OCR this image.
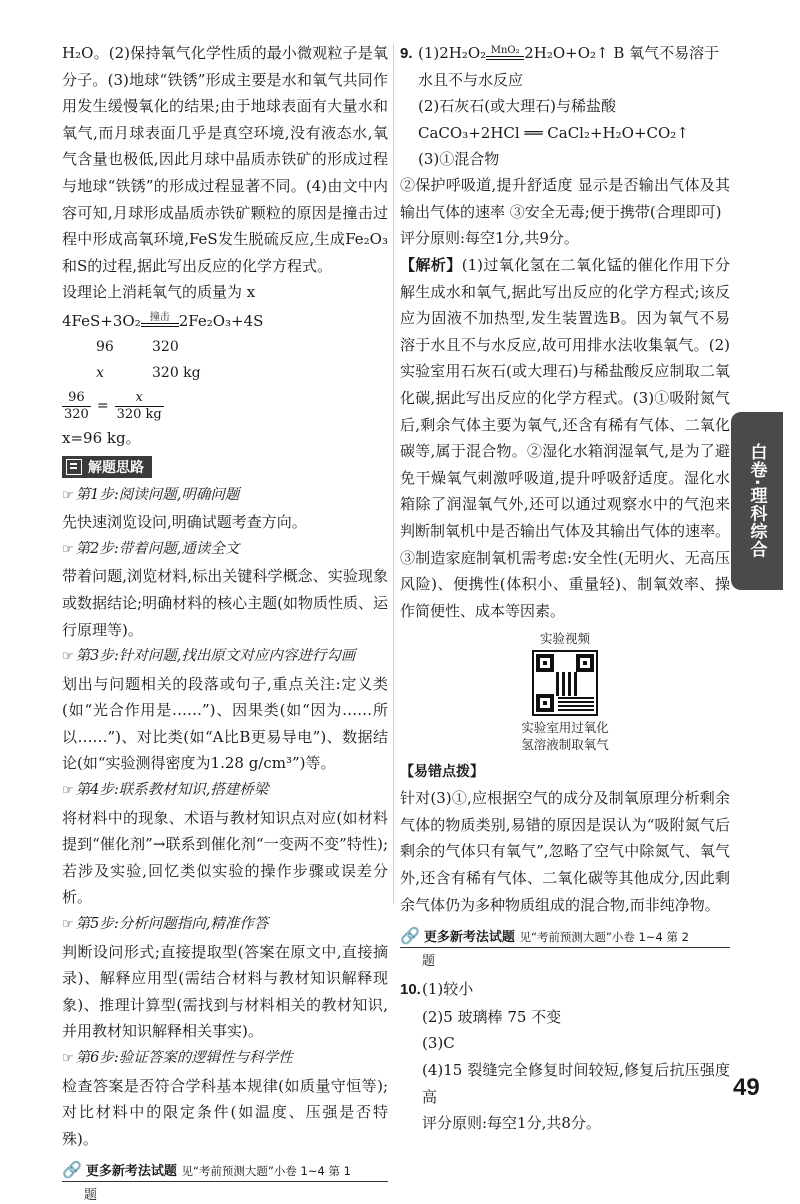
H₂O。(2)保持氧气化学性质的最小微观粒子是氧分子。(3)地球“铁锈”形成主要是水和氧气共同作用发生缓慢氧化的结果;由于地球表面有大量水和氧气,而月球表面几乎是真空环境,没有液态水,氧气含量也极低,因此月球中晶质赤铁矿的形成过程与地球“铁锈”的形成过程显著不同。(4)由文中内容可知,月球形成晶质赤铁矿颗粒的原因是撞击过程中形成高氧环境,FeS发生脱硫反应,生成Fe₂O₃和S的过程,据此写出反应的化学方程式。
设理论上消耗氧气的质量为 x
4FeS+3O₂ 撞击 2Fe₂O₃+4S
96	320
x	320 kg
$\frac{96}{320} = \frac{x}{320 kg}$
x=96 kg。
解题思路
☞ 第1步:阅读问题,明确问题
先快速浏览设问,明确试题考查方向。
☞ 第2步:带着问题,通读全文
带着问题,浏览材料,标出关键科学概念、实验现象或数据结论;明确材料的核心主题(如物质性质、运行原理等)。
☞ 第3步:针对问题,找出原文对应内容进行勾画
划出与问题相关的段落或句子,重点关注:定义类(如“光合作用是……”)、因果类(如“因为……所以……”)、对比类(如“A比B更易导电”)、数据结论(如“实验测得密度为1.28 g/cm³”)等。
☞ 第4步:联系教材知识,搭建桥梁
将材料中的现象、术语与教材知识点对应(如材料提到“催化剂”→联系到催化剂“一变两不变”特性);若涉及实验,回忆类似实验的操作步骤或误差分析。
☞ 第5步:分析问题指向,精准作答
判断设问形式;直接提取型(答案在原文中,直接摘录)、解释应用型(需结合材料与教材知识解释现象)、推理计算型(需找到与材料相关的教材知识,并用教材知识解释相关事实)。
☞ 第6步:验证答案的逻辑性与科学性
检查答案是否符合学科基本规律(如质量守恒等);对比材料中的限定条件(如温度、压强是否特殊)。
🔗 更多新考法试题 见“考前预测大题”小卷 1~4 第 1
题
9. (1)2H₂O₂ MnO₂ 2H₂O+O₂↑ B 氧气不易溶于水且不与水反应
(2)石灰石(或大理石)与稀盐酸
CaCO₃+2HCl ══ CaCl₂+H₂O+CO₂↑
(3)①混合物
②保护呼吸道,提升舒适度 显示是否输出气体及其输出气体的速率 ③安全无毒;便于携带(合理即可)
评分原则:每空1分,共9分。
【解析】(1)过氧化氢在二氧化锰的催化作用下分解生成水和氧气,据此写出反应的化学方程式;该反应为固液不加热型,发生装置选B。因为氧气不易溶于水且不与水反应,故可用排水法收集氧气。(2)实验室用石灰石(或大理石)与稀盐酸反应制取二氧化碳,据此写出反应的化学方程式。(3)①吸附氮气后,剩余气体主要为氧气,还含有稀有气体、二氧化碳等,属于混合物。②湿化水箱润湿氧气,是为了避免干燥氧气刺激呼吸道,提升呼吸舒适度。湿化水箱除了润湿氧气外,还可以通过观察水中的气泡来判断制氧机中是否输出气体及其输出气体的速率。③制造家庭制氧机需考虑:安全性(无明火、无高压风险)、便携性(体积小、重量轻)、制氧效率、操作简便性、成本等因素。
实验视频
实验室用过氧化
氢溶液制取氧气
【易错点拨】
针对(3)①,应根据空气的成分及制氧原理分析剩余气体的物质类别,易错的原因是误认为“吸附氮气后剩余的气体只有氧气”,忽略了空气中除氮气、氧气外,还含有稀有气体、二氧化碳等其他成分,因此剩余气体仍为多种物质组成的混合物,而非纯净物。
🔗 更多新考法试题 见“考前预测大题”小卷 1~4 第 2
题
10.(1)较小
(2)5 玻璃棒 75 不变
(3)C
(4)15 裂缝完全修复时间较短,修复后抗压强度高
评分原则:每空1分,共8分。
白卷·理科综合
49
